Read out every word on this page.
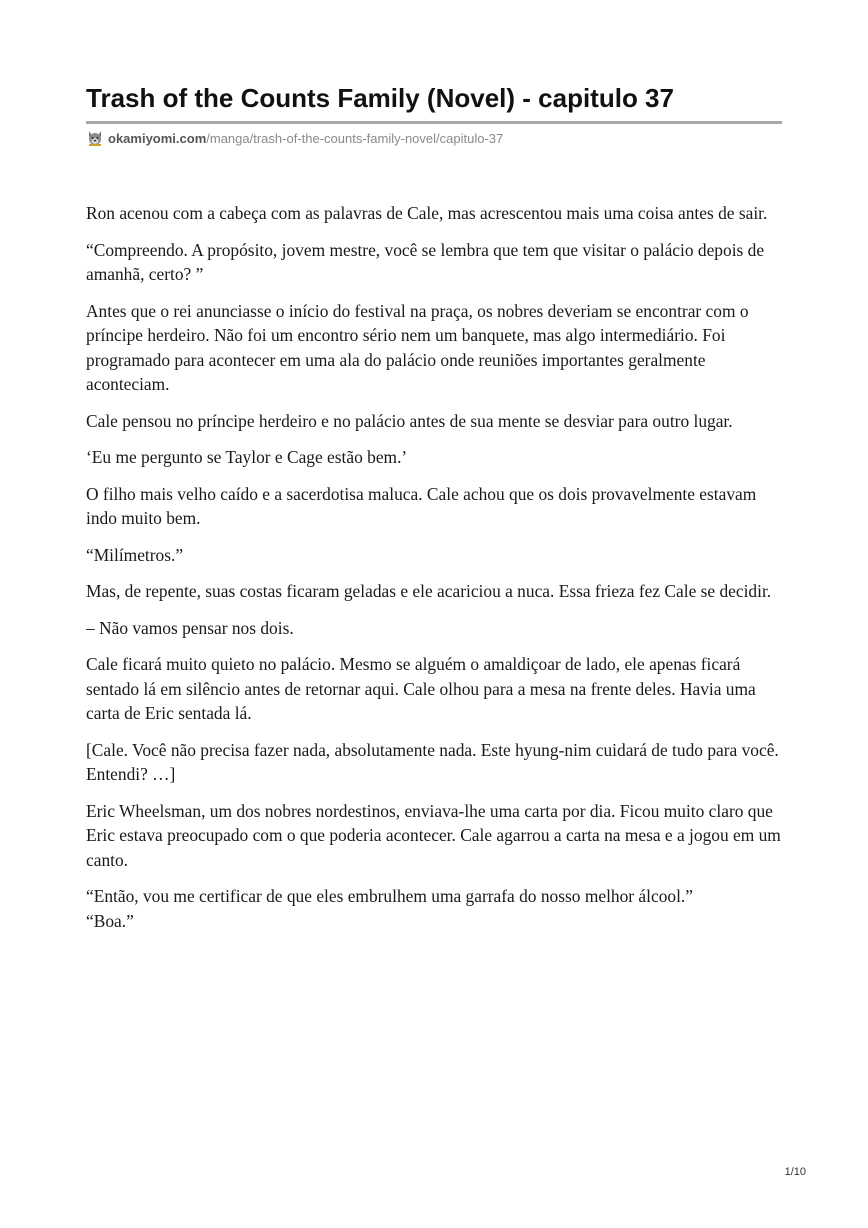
Trash of the Counts Family (Novel) - capitulo 37
okamiyomi.com /manga/trash-of-the-counts-family-novel/capitulo-37

Ron acenou com a cabeça com as palavras de Cale, mas acrescentou mais uma coisa antes de sair.

“Compreendo. A propósito, jovem mestre, você se lembra que tem que visitar o palácio depois de amanhã, certo? ”

Antes que o rei anunciasse o início do festival na praça, os nobres deveriam se encontrar com o príncipe herdeiro. Não foi um encontro sério nem um banquete, mas algo intermediário. Foi programado para acontecer em uma ala do palácio onde reuniões importantes geralmente aconteciam.

Cale pensou no príncipe herdeiro e no palácio antes de sua mente se desviar para outro lugar.

‘Eu me pergunto se Taylor e Cage estão bem.’

O filho mais velho caído e a sacerdotisa maluca. Cale achou que os dois provavelmente estavam indo muito bem.

“Milímetros.”

Mas, de repente, suas costas ficaram geladas e ele acariciou a nuca. Essa frieza fez Cale se decidir.

– Não vamos pensar nos dois.

Cale ficará muito quieto no palácio. Mesmo se alguém o amaldiçoar de lado, ele apenas ficará sentado lá em silêncio antes de retornar aqui. Cale olhou para a mesa na frente deles. Havia uma carta de Eric sentada lá.

[Cale. Você não precisa fazer nada, absolutamente nada. Este hyung-nim cuidará de tudo para você. Entendi? …]

Eric Wheelsman, um dos nobres nordestinos, enviava-lhe uma carta por dia. Ficou muito claro que Eric estava preocupado com o que poderia acontecer. Cale agarrou a carta na mesa e a jogou em um canto.

“Então, vou me certificar de que eles embrulhem uma garrafa do nosso melhor álcool.”
“Boa.”

1/10
